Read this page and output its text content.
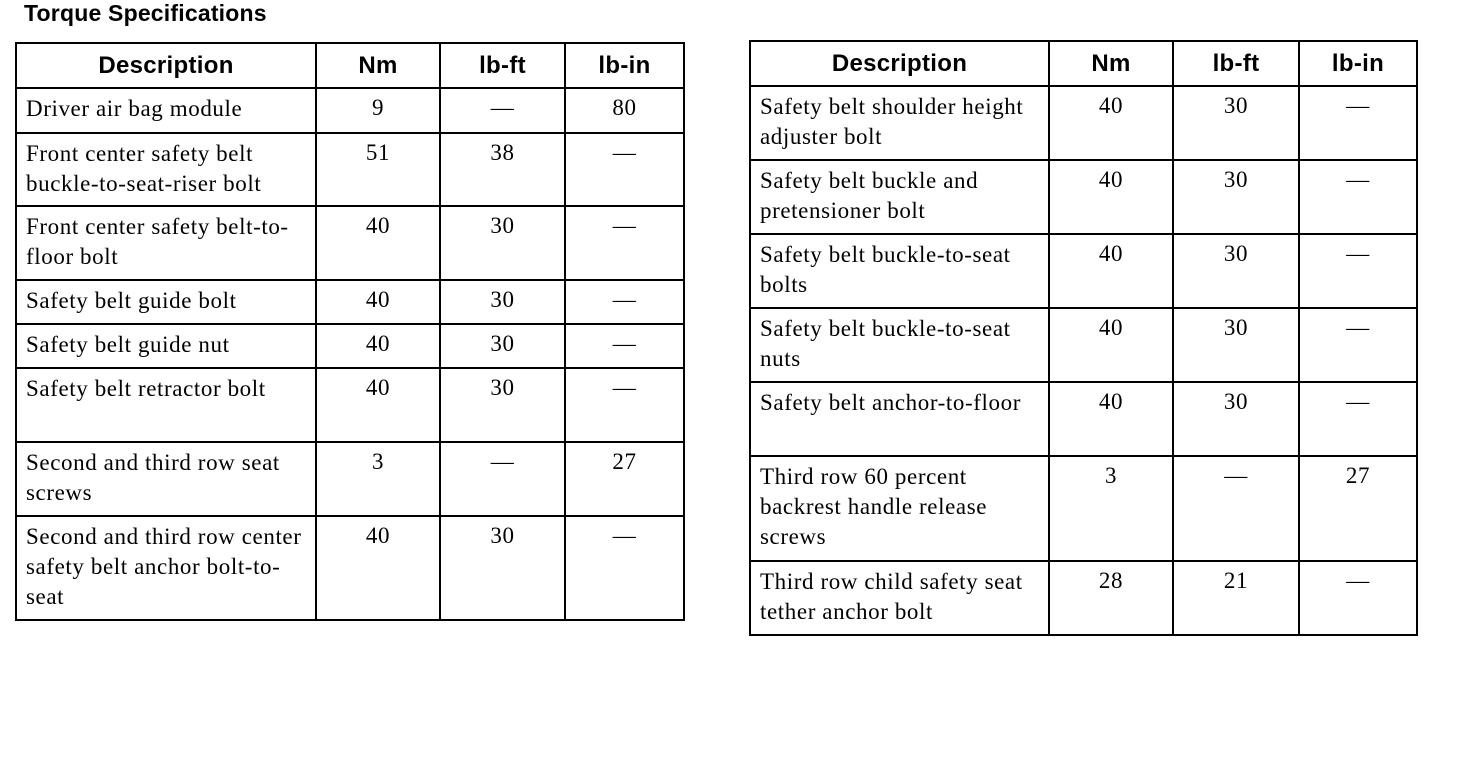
Torque Specifications
Description	Nm	lb-ft	lb-in
Driver air bag module	9	—	80
Front center safety belt buckle-to-seat-riser bolt	51	38	—
Front center safety belt-to-floor bolt	40	30	—
Safety belt guide bolt	40	30	—
Safety belt guide nut	40	30	—
Safety belt retractor bolt	40	30	—
Second and third row seat screws	3	—	27
Second and third row center safety belt anchor bolt-to-seat	40	30	—
Description	Nm	lb-ft	lb-in
Safety belt shoulder height adjuster bolt	40	30	—
Safety belt buckle and pretensioner bolt	40	30	—
Safety belt buckle-to-seat bolts	40	30	—
Safety belt buckle-to-seat nuts	40	30	—
Safety belt anchor-to-floor	40	30	—
Third row 60 percent backrest handle release screws	3	—	27
Third row child safety seat tether anchor bolt	28	21	—
